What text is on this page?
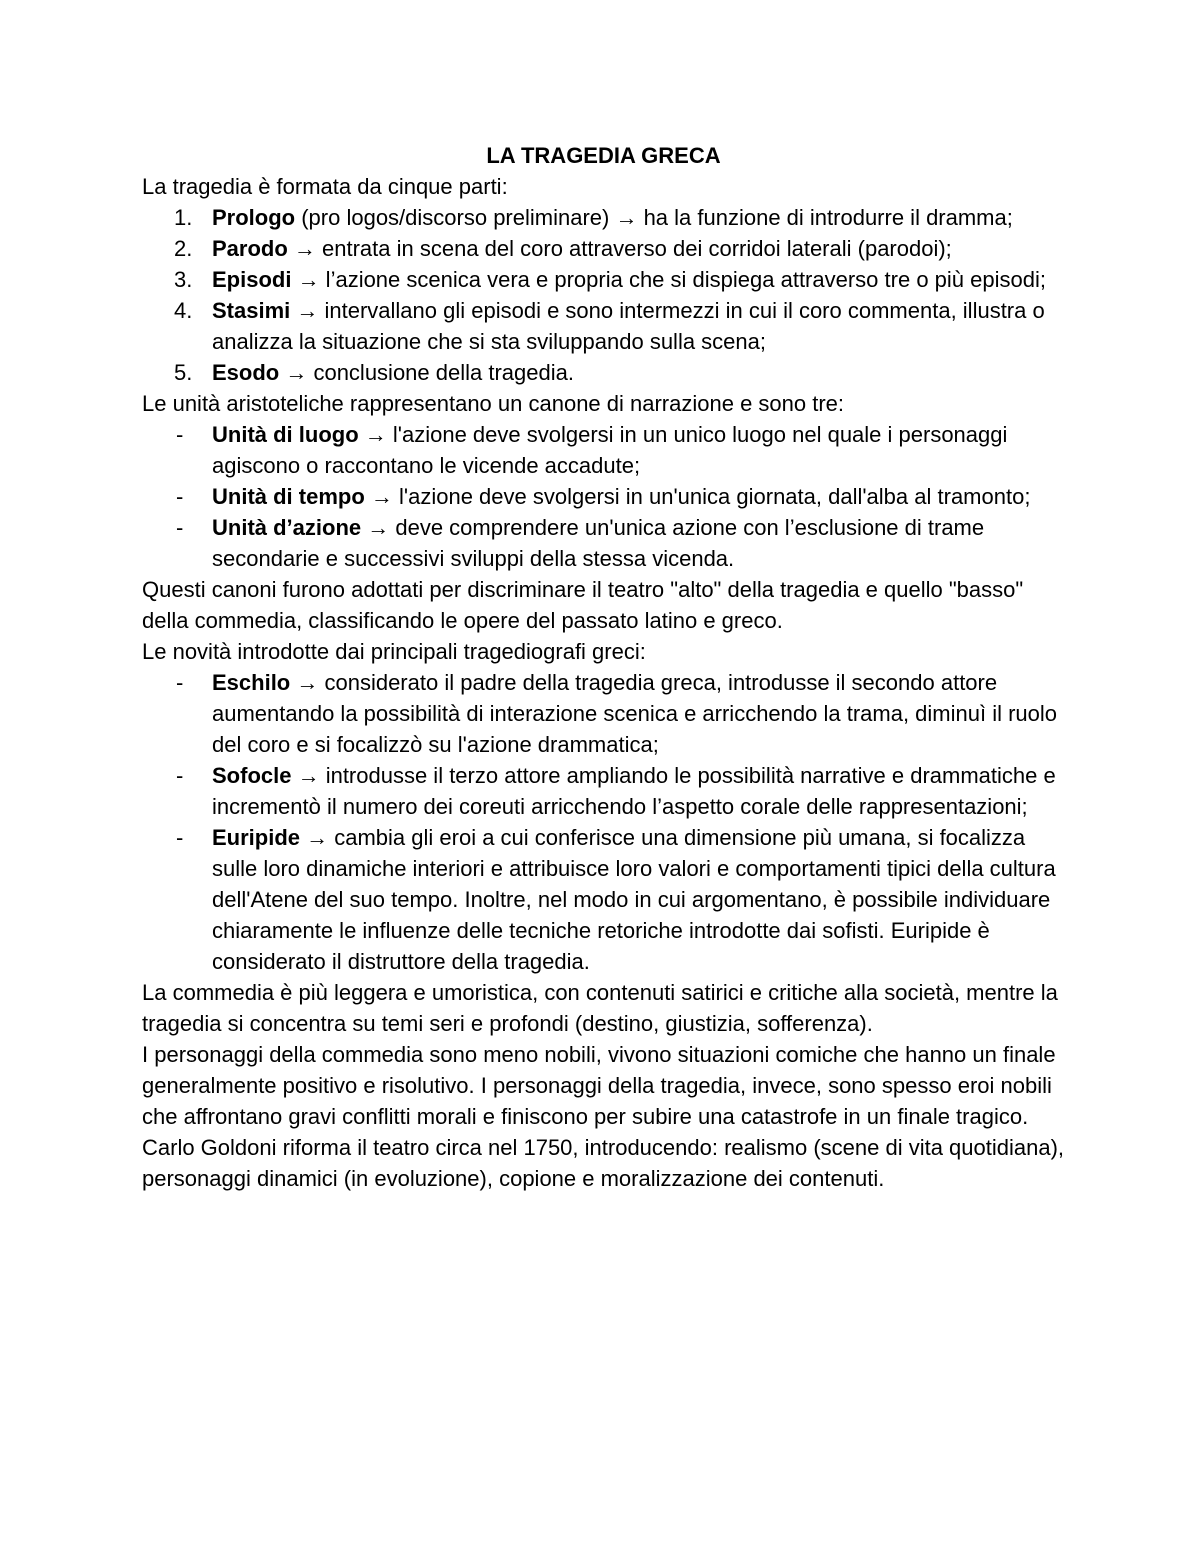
LA TRAGEDIA GRECA

La tragedia è formata da cinque parti:

1. Prologo (pro logos/discorso preliminare) → ha la funzione di introdurre il dramma;
2. Parodo → entrata in scena del coro attraverso dei corridoi laterali (parodoi);
3. Episodi → l’azione scenica vera e propria che si dispiega attraverso tre o più episodi;
4. Stasimi → intervallano gli episodi e sono intermezzi in cui il coro commenta, illustra o analizza la situazione che si sta sviluppando sulla scena;
5. Esodo → conclusione della tragedia.

Le unità aristoteliche rappresentano un canone di narrazione e sono tre:

-	Unità di luogo → l'azione deve svolgersi in un unico luogo nel quale i personaggi agiscono o raccontano le vicende accadute;
-	Unità di tempo → l'azione deve svolgersi in un'unica giornata, dall'alba al tramonto;
-	Unità d’azione → deve comprendere un'unica azione con l’esclusione di trame secondarie e successivi sviluppi della stessa vicenda.

Questi canoni furono adottati per discriminare il teatro "alto" della tragedia e quello "basso" della commedia, classificando le opere del passato latino e greco.

Le novità introdotte dai principali tragediografi greci:

-	Eschilo → considerato il padre della tragedia greca, introdusse il secondo attore aumentando la possibilità di interazione scenica e arricchendo la trama, diminuì il ruolo del coro e si focalizzò su l'azione drammatica;
-	Sofocle → introdusse il terzo attore ampliando le possibilità narrative e drammatiche e incrementò il numero dei coreuti arricchendo l’aspetto corale delle rappresentazioni;
-	Euripide → cambia gli eroi a cui conferisce una dimensione più umana, si focalizza sulle loro dinamiche interiori e attribuisce loro valori e comportamenti tipici della cultura dell'Atene del suo tempo. Inoltre, nel modo in cui argomentano, è possibile individuare chiaramente le influenze delle tecniche retoriche introdotte dai sofisti. Euripide è considerato il distruttore della tragedia.

La commedia è più leggera e umoristica, con contenuti satirici e critiche alla società, mentre la tragedia si concentra su temi seri e profondi (destino, giustizia, sofferenza).

I personaggi della commedia sono meno nobili, vivono situazioni comiche che hanno un finale generalmente positivo e risolutivo. I personaggi della tragedia, invece, sono spesso eroi nobili che affrontano gravi conflitti morali e finiscono per subire una catastrofe in un finale tragico.

Carlo Goldoni riforma il teatro circa nel 1750, introducendo: realismo (scene di vita quotidiana), personaggi dinamici (in evoluzione), copione e moralizzazione dei contenuti.
